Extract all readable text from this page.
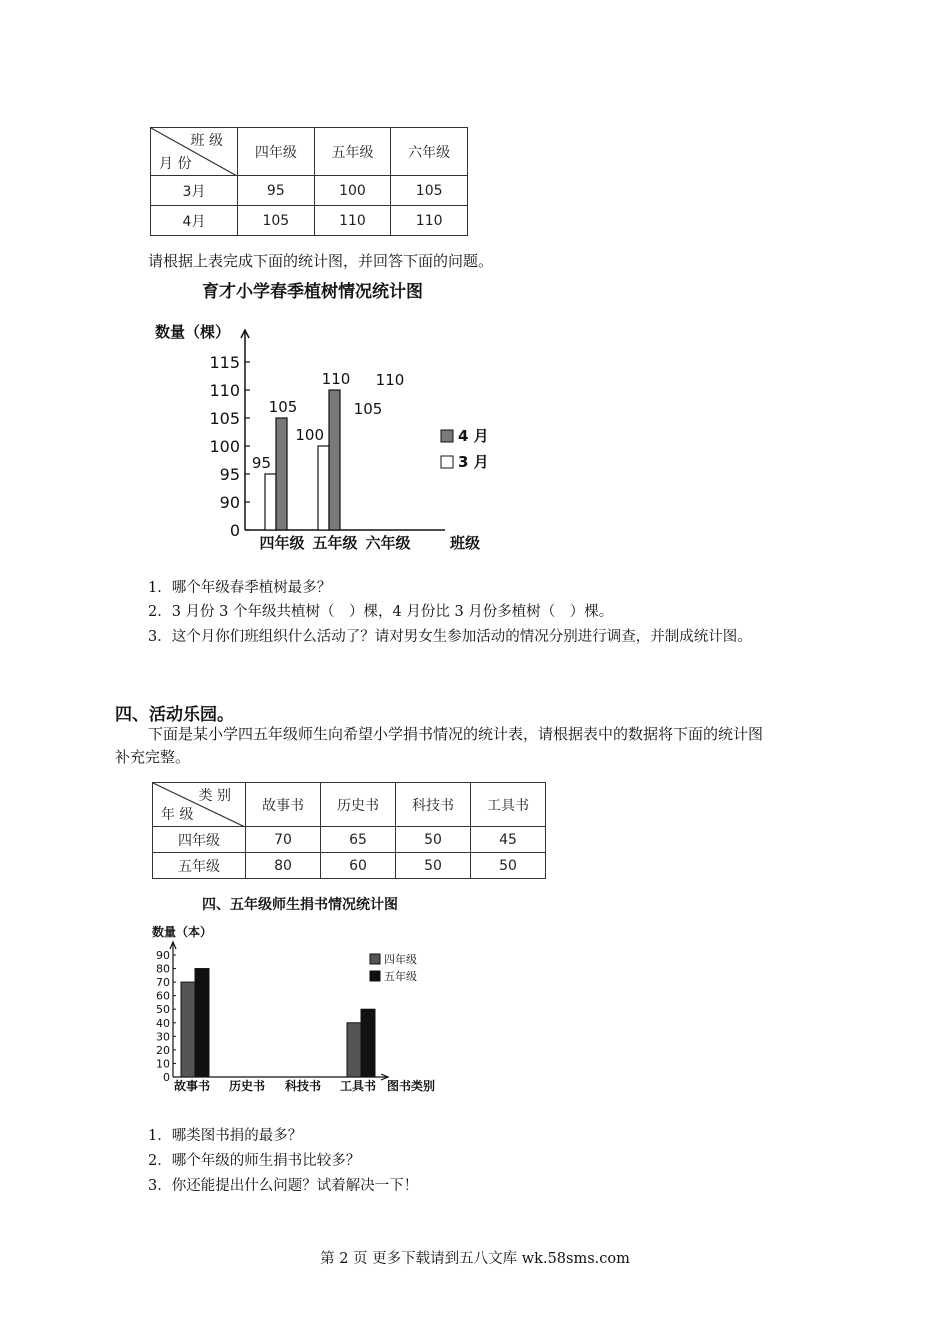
班 级
月 份	四年级	五年级	六年级
3月	95	100	105
4月	105	110	110
请根据上表完成下面的统计图，并回答下面的问题。
育才小学春季植树情况统计图
数量（棵）
115
110
105
100
95
90
0
四年级
95
105
五年级
100
110
六年级
110
105
班级
4 月
3 月
1．哪个年级春季植树最多？
2．3 月份 3 个年级共植树（　）棵，4 月份比 3 月份多植树（　）棵。
3．这个月你们班组织什么活动了？请对男女生参加活动的情况分别进行调查，并制成统计图。
四、活动乐园。
下面是某小学四五年级师生向希望小学捐书情况的统计表，请根据表中的数据将下面的统计图
补充完整。
类 别
年 级	故事书	历史书	科技书	工具书
四年级	70	65	50	45
五年级	80	60	50	50
四、五年级师生捐书情况统计图
数量（本）
90
80
70
60
50
40
30
20
10
0
故事书 历史书 科技书 工具书 图书类别
四年级
五年级
1．哪类图书捐的最多？
2．哪个年级的师生捐书比较多？
3．你还能提出什么问题？试着解决一下！
第 2 页 更多下载请到五八文库 wk.58sms.com
